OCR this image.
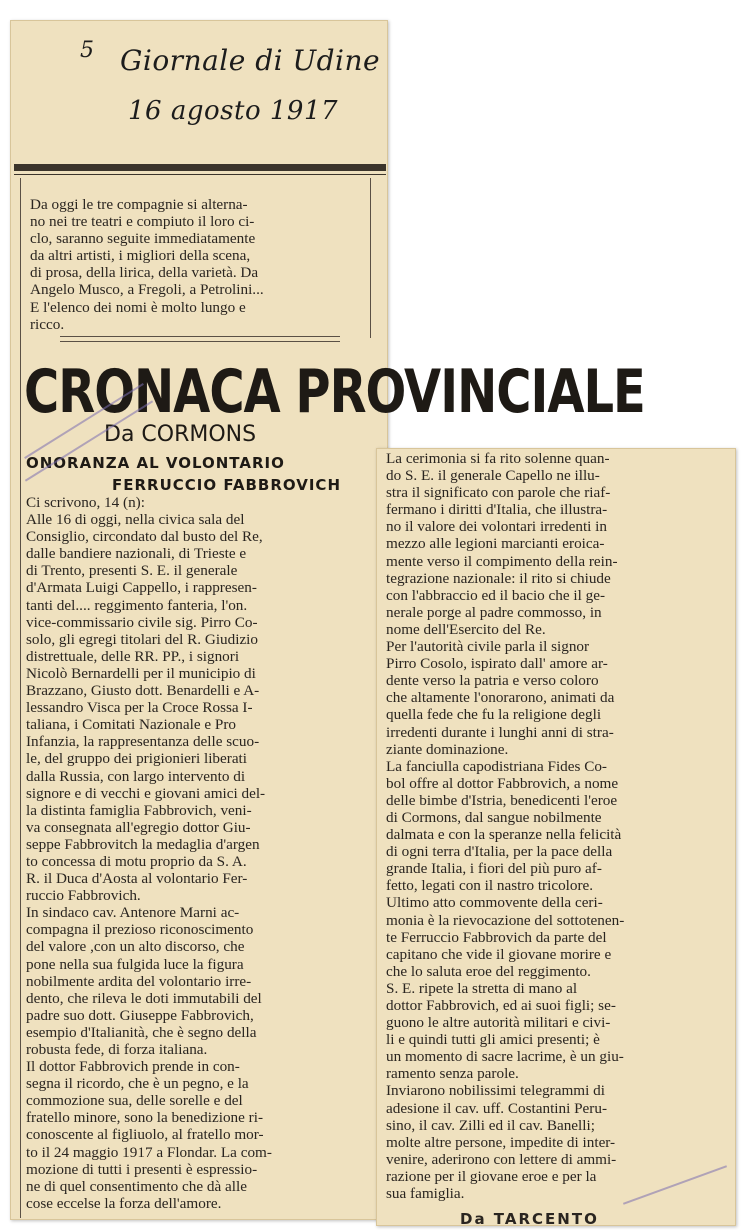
5 Giornale di Udine
16 agosto 1917
Da oggi le tre compagnie si alterna-
no nei tre teatri e compiuto il loro ci-
clo, saranno seguite immediatamente
da altri artisti, i migliori della scena,
di prosa, della lirica, della varietà. Da
Angelo Musco, a Fregoli, a Petrolini...
E l'elenco dei nomi è molto lungo e
ricco.
CRONACA PROVINCIALE
Da CORMONS
ONORANZA AL VOLONTARIO
FERRUCCIO FABBROVICH
Ci scrivono, 14 (n):
Alle 16 di oggi, nella civica sala del
Consiglio, circondato dal busto del Re,
dalle bandiere nazionali, di Trieste e
di Trento, presenti S. E. il generale
d'Armata Luigi Cappello, i rappresen-
tanti del.... reggimento fanteria, l'on.
vice-commissario civile sig. Pirro Co-
solo, gli egregi titolari del R. Giudizio
distrettuale, delle RR. PP., i signori
Nicolò Bernardelli per il municipio di
Brazzano, Giusto dott. Benardelli e A-
lessandro Visca per la Croce Rossa I-
taliana, i Comitati Nazionale e Pro
Infanzia, la rappresentanza delle scuo-
le, del gruppo dei prigionieri liberati
dalla Russia, con largo intervento di
signore e di vecchi e giovani amici del-
la distinta famiglia Fabbrovich, veni-
va consegnata all'egregio dottor Giu-
seppe Fabbrovitch la medaglia d'argen
to concessa di motu proprio da S. A.
R. il Duca d'Aosta al volontario Fer-
ruccio Fabbrovich.
In sindaco cav. Antenore Marni ac-
compagna il prezioso riconoscimento
del valore ,con un alto discorso, che
pone nella sua fulgida luce la figura
nobilmente ardita del volontario irre-
dento, che rileva le doti immutabili del
padre suo dott. Giuseppe Fabbrovich,
esempio d'Italianità, che è segno della
robusta fede, di forza italiana.
Il dottor Fabbrovich prende in con-
segna il ricordo, che è un pegno, e la
commozione sua, delle sorelle e del
fratello minore, sono la benedizione ri-
conoscente al figliuolo, al fratello mor-
to il 24 maggio 1917 a Flondar. La com-
mozione di tutti i presenti è espressio-
ne di quel consentimento che dà alle
cose eccelse la forza dell'amore.
La cerimonia si fa rito solenne quan-
do S. E. il generale Capello ne illu-
stra il significato con parole che riaf-
fermano i diritti d'Italia, che illustra-
no il valore dei volontari irredenti in
mezzo alle legioni marcianti eroicа-
mente verso il compimento della rein-
tegrazione nazionale: il rito si chiude
con l'abbraccio ed il bacio che il ge-
nerale porge al padre commosso, in
nome dell'Esercito del Re.
Per l'autorità civile parla il signor
Pirro Cosolo, ispirato dall' amore ar-
dente verso la patria e verso coloro
che altamente l'onorarono, animati da
quella fede che fu la religione degli
irredenti durante i lunghi anni di stra-
ziante dominazione.
La fanciulla capodistriana Fides Co-
bol offre al dottor Fabbrovich, a nome
delle bimbe d'Istria, benedicenti l'eroe
di Cormons, dal sangue nobilmente
dalmata e con la speranze nella felicità
di ogni terra d'Italia, per la pace della
grande Italia, i fiori del più puro af-
fetto, legati con il nastro tricolore.
Ultimo atto commovente della ceri-
monia è la rievocazione del sottotenen-
te Ferruccio Fabbrovich da parte del
capitano che vide il giovane morire e
che lo saluta eroe del reggimento.
S. E. ripete la stretta di mano al
dottor Fabbrovich, ed ai suoi figli; se-
guono le altre autorità militari e civi-
li e quindi tutti gli amici presenti; è
un momento di sacre lacrime, è un giu-
ramento senza parole.
Inviarono nobilissimi telegrammi di
adesione il cav. uff. Costantini Peru-
sino, il cav. Zilli ed il cav. Banelli;
molte altre persone, impedite di inter-
venire, aderirono con lettere di ammi-
razione per il giovane eroe e per la
sua famiglia.
Da TARCENTO
